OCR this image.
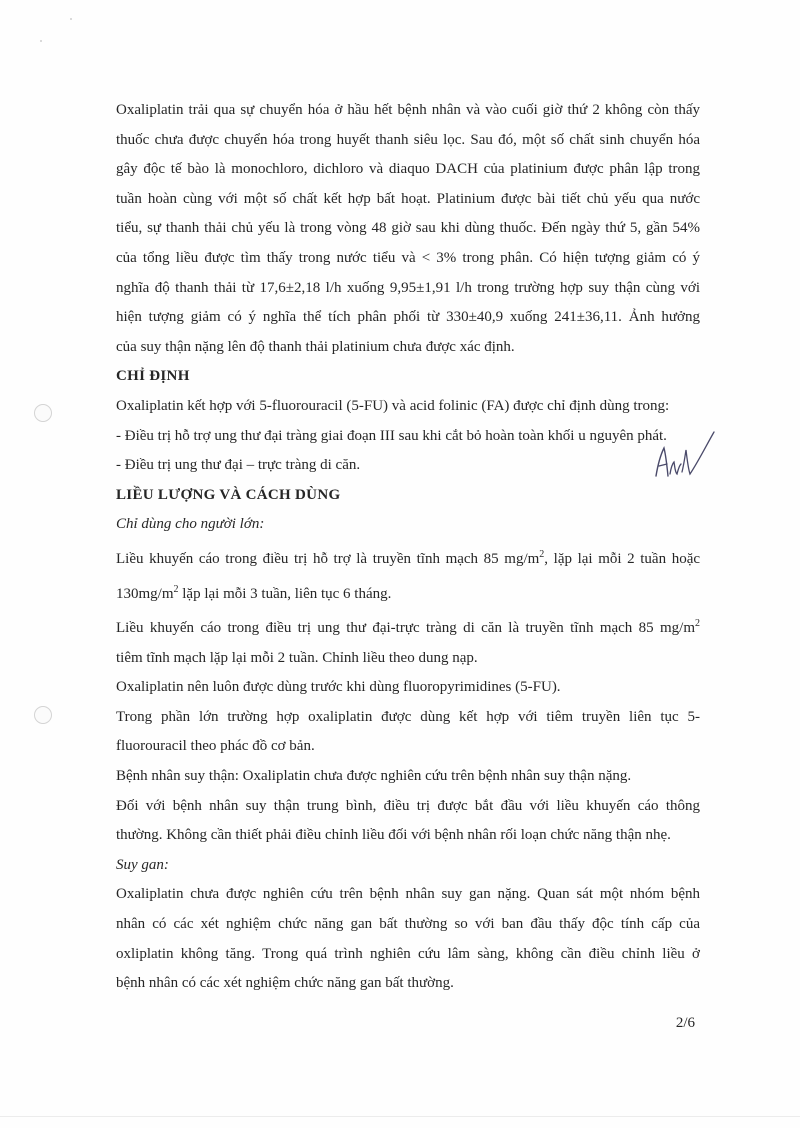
Oxaliplatin trải qua sự chuyển hóa ở hầu hết bệnh nhân và vào cuối giờ thứ 2 không còn thấy
thuốc chưa được chuyển hóa trong huyết thanh siêu lọc. Sau đó, một số chất sinh chuyển hóa
gây độc tế bào là monochloro, dichloro và diaquo DACH của platinium được phân lập trong
tuần hoàn cùng với một số chất kết hợp bất hoạt. Platinium được bài tiết chủ yếu qua nước
tiểu, sự thanh thải chủ yếu là trong vòng 48 giờ sau khi dùng thuốc. Đến ngày thứ 5, gần 54%
của tổng liều được tìm thấy trong nước tiểu và < 3% trong phân. Có hiện tượng giảm có ý
nghĩa độ thanh thải từ 17,6±2,18 l/h xuống 9,95±1,91 l/h trong trường hợp suy thận cùng với
hiện tượng giảm có ý nghĩa thể tích phân phối từ 330±40,9 xuống 241±36,11. Ảnh hưởng
của suy thận nặng lên độ thanh thải platinium chưa được xác định.
CHỈ ĐỊNH
Oxaliplatin kết hợp với 5-fluorouracil (5-FU) và acid folinic (FA) được chỉ định dùng trong:
- Điều trị hỗ trợ ung thư đại tràng giai đoạn III sau khi cắt bỏ hoàn toàn khối u nguyên phát.
- Điều trị ung thư đại – trực tràng di căn.
LIỀU LƯỢNG VÀ CÁCH DÙNG
Chỉ dùng cho người lớn:
Liều khuyến cáo trong điều trị hỗ trợ là truyền tĩnh mạch 85 $mg/m^2$, lặp lại mỗi 2 tuần hoặc
$130mg/m^2$ lặp lại mỗi 3 tuần, liên tục 6 tháng.
Liều khuyến cáo trong điều trị ung thư đại-trực tràng di căn là truyền tĩnh mạch 85 $mg/m^2$
tiêm tĩnh mạch lặp lại mỗi 2 tuần. Chỉnh liều theo dung nạp.
Oxaliplatin nên luôn được dùng trước khi dùng fluoropyrimidines (5-FU).
Trong phần lớn trường hợp oxaliplatin được dùng kết hợp với tiêm truyền liên tục 5-
fluorouracil theo phác đồ cơ bản.
Bệnh nhân suy thận: Oxaliplatin chưa được nghiên cứu trên bệnh nhân suy thận nặng.
Đối với bệnh nhân suy thận trung bình, điều trị được bắt đầu với liều khuyến cáo thông
thường. Không cần thiết phải điều chỉnh liều đối với bệnh nhân rối loạn chức năng thận nhẹ.
Suy gan:
Oxaliplatin chưa được nghiên cứu trên bệnh nhân suy gan nặng. Quan sát một nhóm bệnh
nhân có các xét nghiệm chức năng gan bất thường so với ban đầu thấy độc tính cấp của
oxliplatin không tăng. Trong quá trình nghiên cứu lâm sàng, không cần điều chỉnh liều ở
bệnh nhân có các xét nghiệm chức năng gan bất thường.
2/6
